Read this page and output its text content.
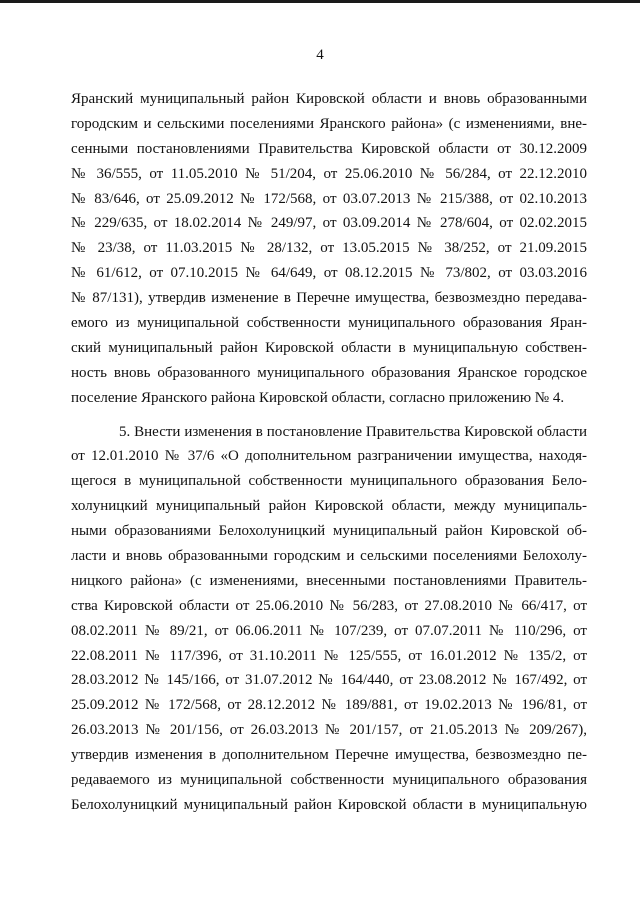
4
Яранский муниципальный район Кировской области и вновь образованными
городским и сельскими поселениями Яранского района» (с изменениями, вне-
сенными постановлениями Правительства Кировской области от 30.12.2009
№ 36/555, от 11.05.2010 № 51/204, от 25.06.2010 № 56/284, от 22.12.2010
№ 83/646, от 25.09.2012 № 172/568, от 03.07.2013 № 215/388, от 02.10.2013
№ 229/635, от 18.02.2014 № 249/97, от 03.09.2014 № 278/604, от 02.02.2015
№ 23/38, от 11.03.2015 № 28/132, от 13.05.2015 № 38/252, от 21.09.2015
№ 61/612, от 07.10.2015 № 64/649, от 08.12.2015 № 73/802, от 03.03.2016
№ 87/131), утвердив изменение в Перечне имущества, безвозмездно передава-
емого из муниципальной собственности муниципального образования Яран-
ский муниципальный район Кировской области в муниципальную собствен-
ность вновь образованного муниципального образования Яранское городское
поселение Яранского района Кировской области, согласно приложению № 4.
5. Внести изменения в постановление Правительства Кировской области
от 12.01.2010 № 37/6 «О дополнительном разграничении имущества, находя-
щегося в муниципальной собственности муниципального образования Бело-
холуницкий муниципальный район Кировской области, между муниципаль-
ными образованиями Белохолуницкий муниципальный район Кировской об-
ласти и вновь образованными городским и сельскими поселениями Белохолу-
ницкого района» (с изменениями, внесенными постановлениями Правитель-
ства Кировской области от 25.06.2010 № 56/283, от 27.08.2010 № 66/417, от
08.02.2011 № 89/21, от 06.06.2011 № 107/239, от 07.07.2011 № 110/296, от
22.08.2011 № 117/396, от 31.10.2011 № 125/555, от 16.01.2012 № 135/2, от
28.03.2012 № 145/166, от 31.07.2012 № 164/440, от 23.08.2012 № 167/492, от
25.09.2012 № 172/568, от 28.12.2012 № 189/881, от 19.02.2013 № 196/81, от
26.03.2013 № 201/156, от 26.03.2013 № 201/157, от 21.05.2013 № 209/267),
утвердив изменения в дополнительном Перечне имущества, безвозмездно пе-
редаваемого из муниципальной собственности муниципального образования
Белохолуницкий муниципальный район Кировской области в муниципальную
